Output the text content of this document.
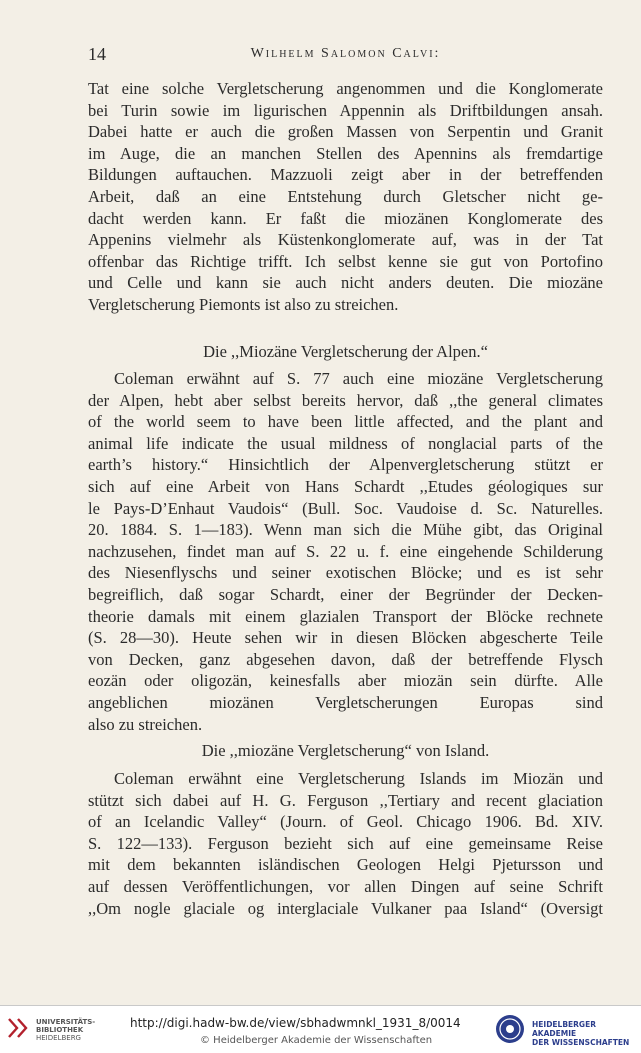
14	Wilhelm Salomon Calvi:
Tat eine solche Vergletscherung angenommen und die Konglomerate
bei Turin sowie im ligurischen Appennin als Driftbildungen ansah.
Dabei hatte er auch die großen Massen von Serpentin und Granit
im Auge, die an manchen Stellen des Apennins als fremdartige
Bildungen auftauchen. Mazzuoli zeigt aber in der betreffenden
Arbeit, daß an eine Entstehung durch Gletscher nicht ge-
dacht werden kann. Er faßt die miozänen Konglomerate des
Appenins vielmehr als Küstenkonglomerate auf, was in der Tat
offenbar das Richtige trifft. Ich selbst kenne sie gut von Portofino
und Celle und kann sie auch nicht anders deuten. Die miozäne
Vergletscherung Piemonts ist also zu streichen.
Die ,,Miozäne Vergletscherung der Alpen.“
Coleman erwähnt auf S. 77 auch eine miozäne Vergletscherung
der Alpen, hebt aber selbst bereits hervor, daß ,,the general climates
of the world seem to have been little affected, and the plant and
animal life indicate the usual mildness of nonglacial parts of the
earth’s history.“ Hinsichtlich der Alpenvergletscherung stützt er
sich auf eine Arbeit von Hans Schardt ,,Etudes géologiques sur
le Pays-D’Enhaut Vaudois“ (Bull. Soc. Vaudoise d. Sc. Naturelles.
20. 1884. S. 1—183). Wenn man sich die Mühe gibt, das Original
nachzusehen, findet man auf S. 22 u. f. eine eingehende Schilderung
des Niesenflyschs und seiner exotischen Blöcke; und es ist sehr
begreiflich, daß sogar Schardt, einer der Begründer der Decken-
theorie damals mit einem glazialen Transport der Blöcke rechnete
(S. 28—30). Heute sehen wir in diesen Blöcken abgescherte Teile
von Decken, ganz abgesehen davon, daß der betreffende Flysch
eozän oder oligozän, keinesfalls aber miozän sein dürfte. Alle
angeblichen miozänen Vergletscherungen Europas sind
also zu streichen.
Die ,,miozäne Vergletscherung“ von Island.
Coleman erwähnt eine Vergletscherung Islands im Miozän und
stützt sich dabei auf H. G. Ferguson ,,Tertiary and recent glaciation
of an Icelandic Valley“ (Journ. of Geol. Chicago 1906. Bd. XIV.
S. 122—133). Ferguson bezieht sich auf eine gemeinsame Reise
mit dem bekannten isländischen Geologen Helgi Pjetursson und
auf dessen Veröffentlichungen, vor allen Dingen auf seine Schrift
,,Om nogle glaciale og interglaciale Vulkaner paa Island“ (Oversigt
UNIVERSITÄTS-
BIBLIOTHEK
HEIDELBERG
http://digi.hadw-bw.de/view/sbhadwmnkl_1931_8/0014
© Heidelberger Akademie der Wissenschaften
HEIDELBERGER AKADEMIE
DER WISSENSCHAFTEN
